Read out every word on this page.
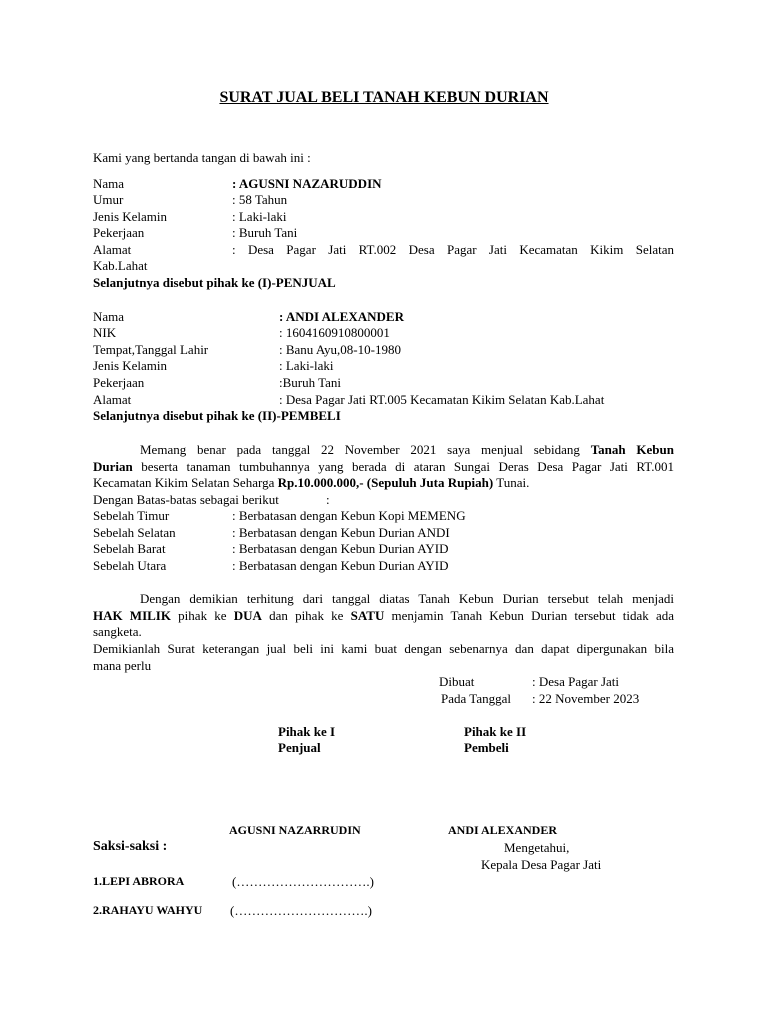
SURAT JUAL BELI TANAH KEBUN DURIAN
Kami yang bertanda tangan di bawah ini :
Nama	: AGUSNI NAZARUDDIN
Umur	: 58 Tahun
Jenis Kelamin	: Laki-laki
Pekerjaan	: Buruh Tani
Alamat	: Desa Pagar Jati RT.002 Desa Pagar Jati Kecamatan Kikim Selatan
Kab.Lahat
Selanjutnya disebut pihak ke (I)-PENJUAL
Nama	: ANDI ALEXANDER
NIK	: 1604160910800001
Tempat,Tanggal Lahir	: Banu Ayu,08-10-1980
Jenis Kelamin	: Laki-laki
Pekerjaan	:Buruh Tani
Alamat	: Desa Pagar Jati RT.005 Kecamatan Kikim Selatan Kab.Lahat
Selanjutnya disebut pihak ke (II)-PEMBELI
Memang benar pada tanggal 22 November 2021 saya menjual sebidang Tanah Kebun
Durian beserta tanaman tumbuhannya yang berada di ataran Sungai Deras Desa Pagar Jati RT.001
Kecamatan Kikim Selatan Seharga Rp.10.000.000,- (Sepuluh Juta Rupiah) Tunai.
Dengan Batas-batas sebagai berikut	:
Sebelah Timur	: Berbatasan dengan Kebun Kopi MEMENG
Sebelah Selatan	: Berbatasan dengan Kebun Durian ANDI
Sebelah Barat	: Berbatasan dengan Kebun Durian AYID
Sebelah Utara	: Berbatasan dengan Kebun Durian AYID
Dengan demikian terhitung dari tanggal diatas Tanah Kebun Durian tersebut telah menjadi
HAK MILIK pihak ke DUA dan pihak ke SATU menjamin Tanah Kebun Durian tersebut tidak ada
sangketa.
Demikianlah Surat keterangan jual beli ini kami buat dengan sebenarnya dan dapat dipergunakan bila
mana perlu
Dibuat	: Desa Pagar Jati
Pada Tanggal : 22 November 2023
Pihak ke I
Penjual
Pihak ke II
Pembeli
AGUSNI NAZARRUDIN	ANDI ALEXANDER
Saksi-saksi :
1.LEPI ABRORA	(………………………….)
2.RAHAYU WAHYU (………………………….)
Mengetahui,
Kepala Desa Pagar Jati
